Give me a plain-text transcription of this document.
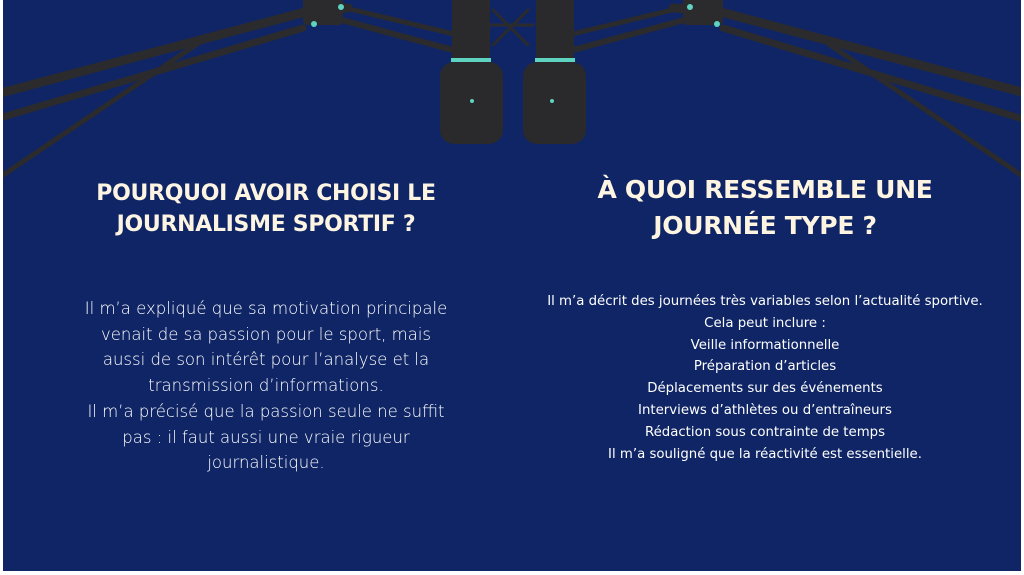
POURQUOI AVOIR CHOISI LE
JOURNALISME SPORTIF ?
Il m’a expliqué que sa motivation principale
venait de sa passion pour le sport, mais
aussi de son intérêt pour l’analyse et la
transmission d’informations.
Il m’a précisé que la passion seule ne suffit
pas : il faut aussi une vraie rigueur
journalistique.
À QUOI RESSEMBLE UNE
JOURNÉE TYPE ?
Il m’a décrit des journées très variables selon l’actualité sportive.
Cela peut inclure :
Veille informationnelle
Préparation d’articles
Déplacements sur des événements
Interviews d’athlètes ou d’entraîneurs
Rédaction sous contrainte de temps
Il m’a souligné que la réactivité est essentielle.
